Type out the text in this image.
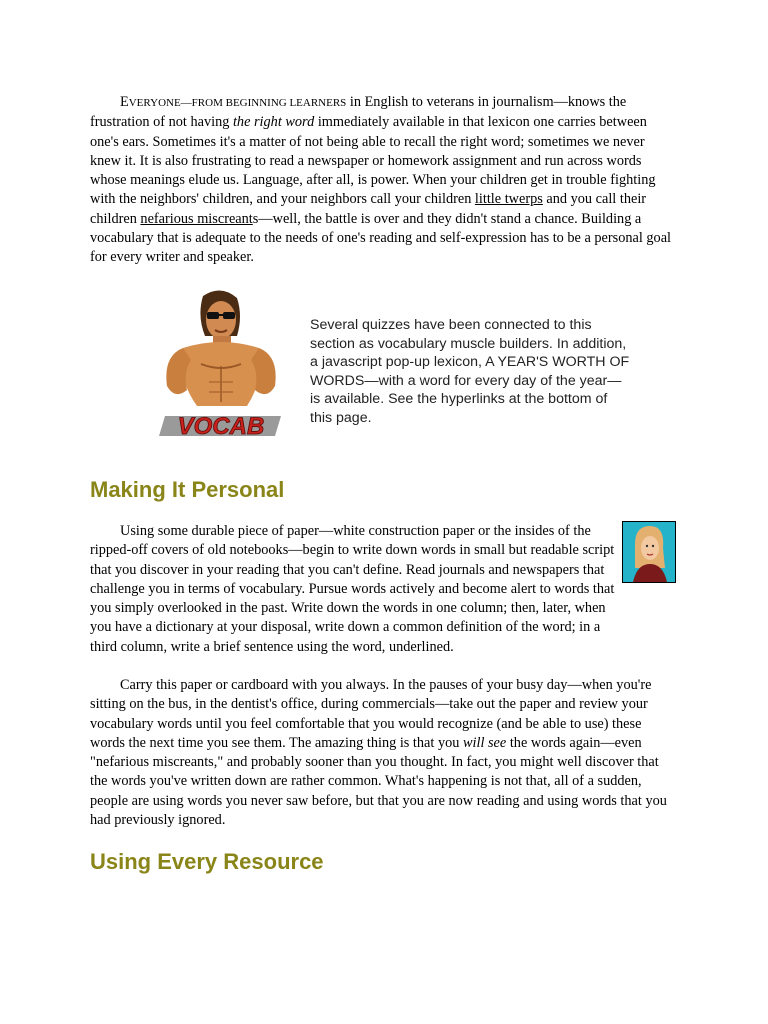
EVERYONE—FROM BEGINNING LEARNERS in English to veterans in journalism—knows the frustration of not having the right word immediately available in that lexicon one carries between one's ears. Sometimes it's a matter of not being able to recall the right word; sometimes we never knew it. It is also frustrating to read a newspaper or homework assignment and run across words whose meanings elude us. Language, after all, is power. When your children get in trouble fighting with the neighbors' children, and your neighbors call your children little twerps and you call their children nefarious miscreants—well, the battle is over and they didn't stand a chance. Building a vocabulary that is adequate to the needs of one's reading and self-expression has to be a personal goal for every writer and speaker.

VOCAB

Several quizzes have been connected to this section as vocabulary muscle builders. In addition, a javascript pop-up lexicon, A YEAR'S WORTH OF WORDS—with a word for every day of the year—is available. See the hyperlinks at the bottom of this page.

Making It Personal

Using some durable piece of paper—white construction paper or the insides of the ripped-off covers of old notebooks—begin to write down words in small but readable script that you discover in your reading that you can't define. Read journals and newspapers that challenge you in terms of vocabulary. Pursue words actively and become alert to words that you simply overlooked in the past. Write down the words in one column; then, later, when you have a dictionary at your disposal, write down a common definition of the word; in a third column, write a brief sentence using the word, underlined.

Carry this paper or cardboard with you always. In the pauses of your busy day—when you're sitting on the bus, in the dentist's office, during commercials—take out the paper and review your vocabulary words until you feel comfortable that you would recognize (and be able to use) these words the next time you see them. The amazing thing is that you will see the words again—even "nefarious miscreants," and probably sooner than you thought. In fact, you might well discover that the words you've written down are rather common. What's happening is not that, all of a sudden, people are using words you never saw before, but that you are now reading and using words that you had previously ignored.

Using Every Resource
